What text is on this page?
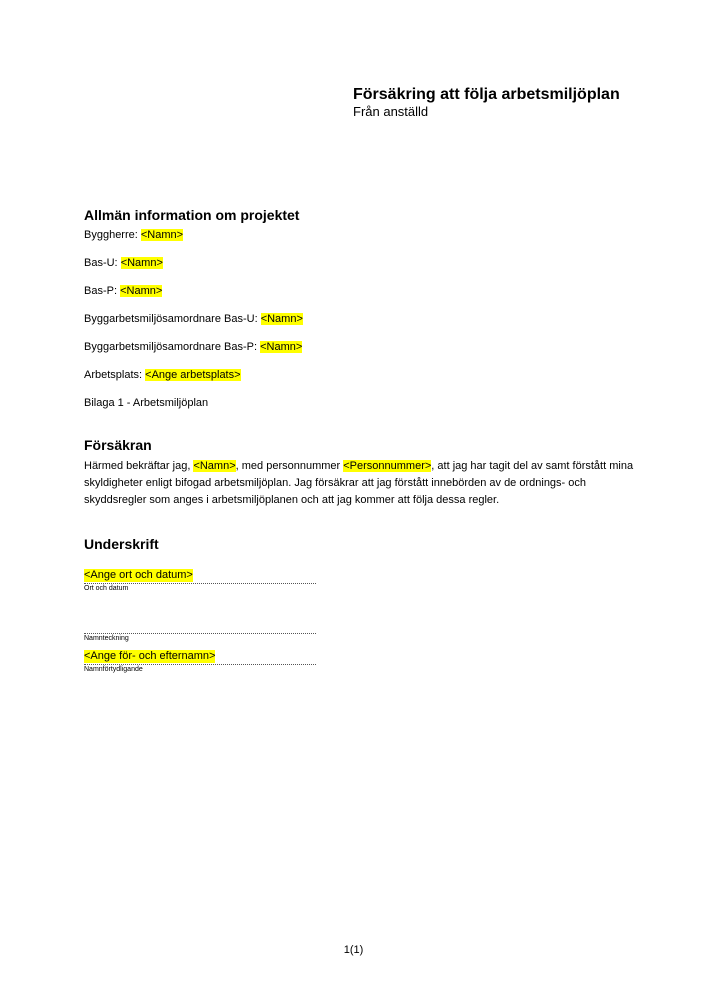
Försäkring att följa arbetsmiljöplan

Från anställd

Allmän information om projektet

Byggherre: <Namn>

Bas-U: <Namn>

Bas-P: <Namn>

Byggarbetsmiljösamordnare Bas-U: <Namn>

Byggarbetsmiljösamordnare Bas-P: <Namn>

Arbetsplats: <Ange arbetsplats>

Bilaga 1 - Arbetsmiljöplan

Försäkran

Härmed bekräftar jag, <Namn>, med personnummer <Personnummer>, att jag har tagit del av samt förstått mina skyldigheter enligt bifogad arbetsmiljöplan. Jag försäkrar att jag förstått innebörden av de ordnings- och skyddsregler som anges i arbetsmiljöplanen och att jag kommer att följa dessa regler.

Underskrift
<Ange ort och datum>
Ort och datum
Namnteckning
<Ange för- och efternamn>
Namnförtydligande
1(1)
